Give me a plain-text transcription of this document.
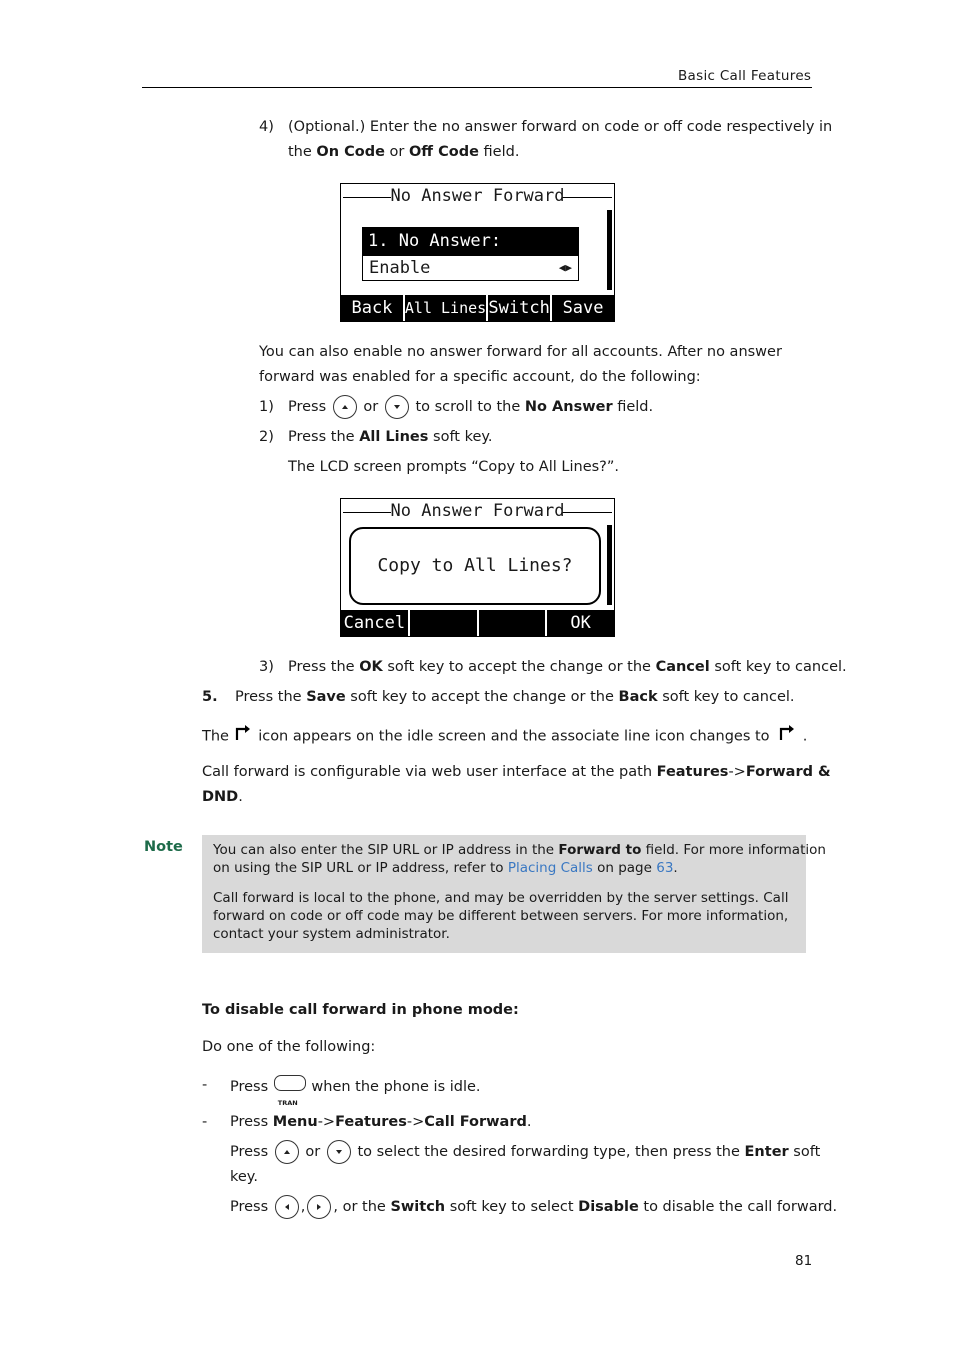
Basic Call Features
4) (Optional.) Enter the no answer forward on code or off code respectively in
the On Code or Off Code field.
No Answer Forward
1. No Answer:
Enable	◀▶
Back All Lines Switch Save
You can also enable no answer forward for all accounts. After no answer
forward was enabled for a specific account, do the following:
1) Press	or	to scroll to the No Answer field.
2) Press the All Lines soft key.
The LCD screen prompts “Copy to All Lines?”.
No Answer Forward
Copy to All Lines?
Cancel	OK
3) Press the OK soft key to accept the change or the Cancel soft key to cancel.
5. Press the Save soft key to accept the change or the Back soft key to cancel.
The icon appears on the idle screen and the associate line icon changes to .
Call forward is configurable via web user interface at the path Features->Forward &
DND.
Note You can also enter the SIP URL or IP address in the Forward to field. For more information
on using the SIP URL or IP address, refer to Placing Calls on page 63.
Call forward is local to the phone, and may be overridden by the server settings. Call
forward on code or off code may be different between servers. For more information,
contact your system administrator.
To disable call forward in phone mode:
Do one of the following:
- Press
TRAN
when the phone is idle.
- Press Menu->Features->Call Forward.
Press	or	to select the desired forwarding type, then press the Enter soft
key.
Press , , or the Switch soft key to select Disable to disable the call forward.
81
